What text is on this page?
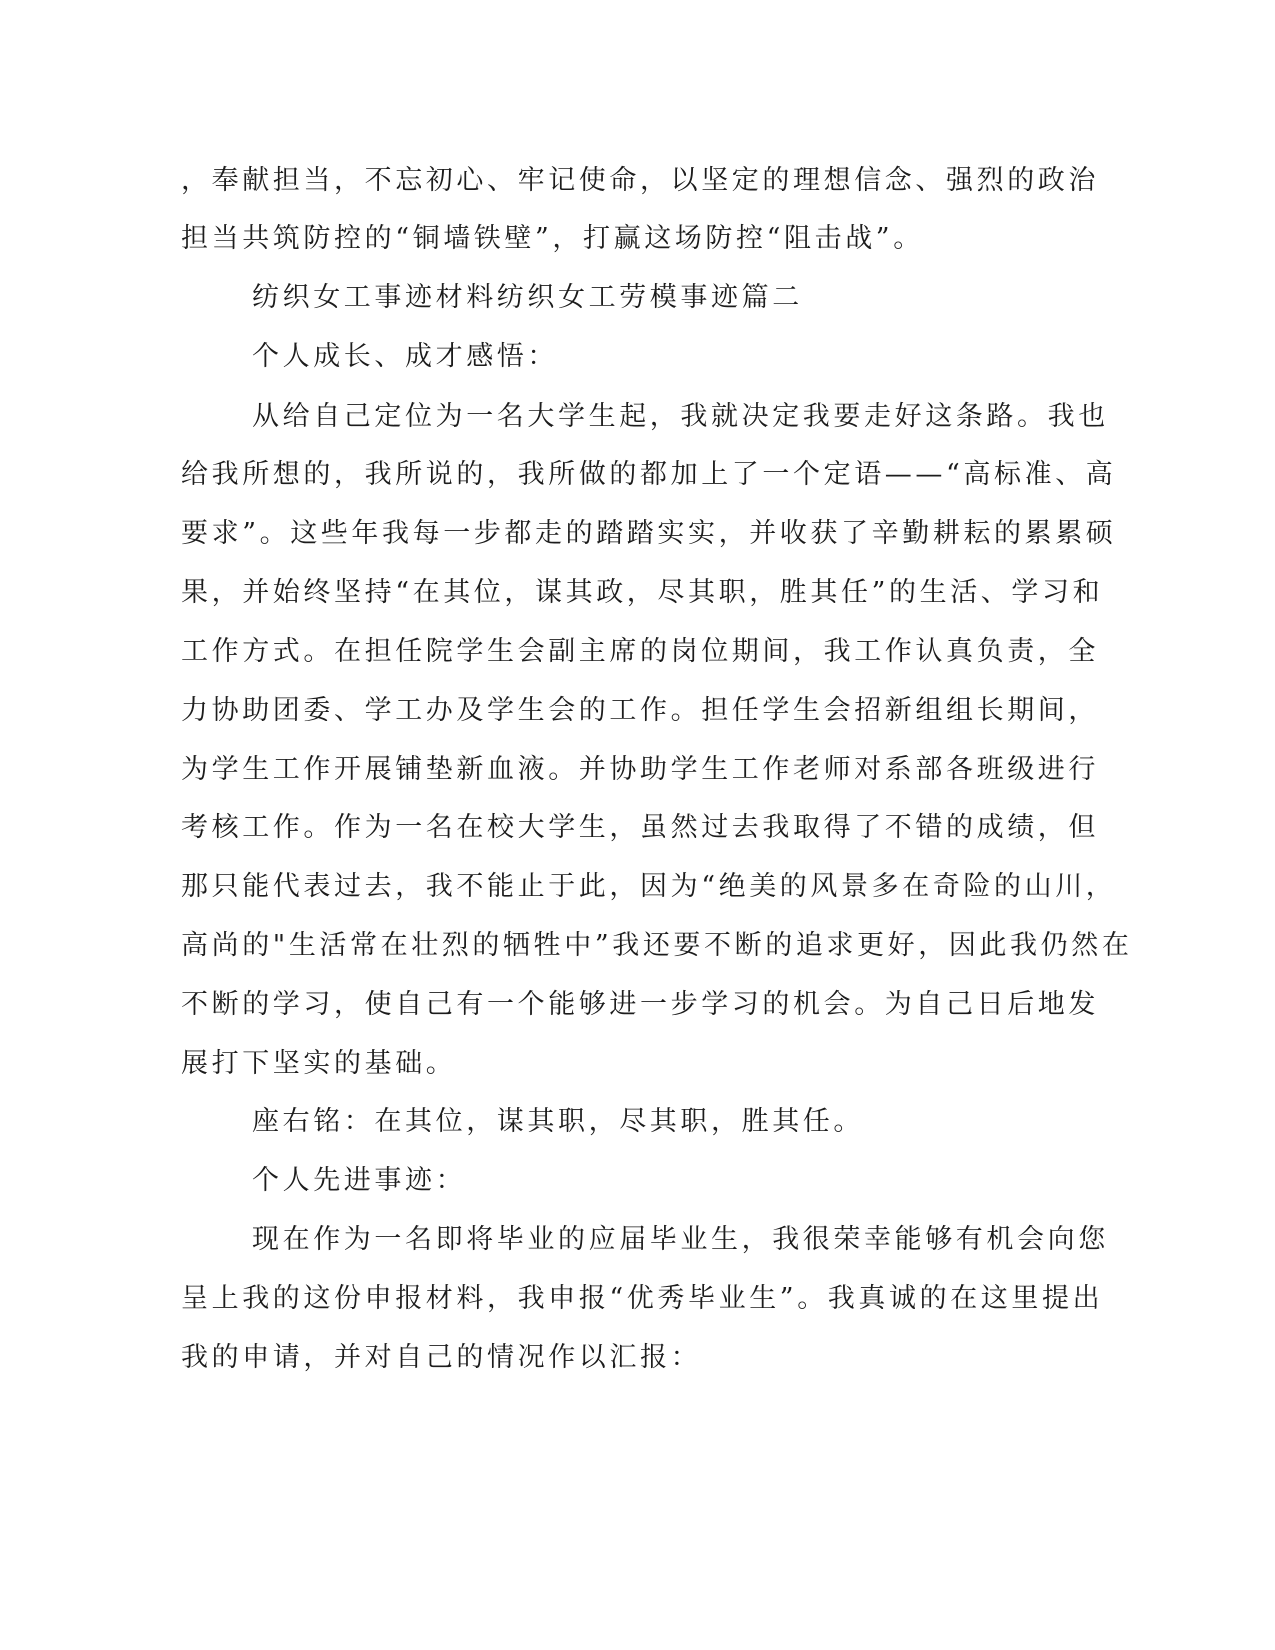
，奉献担当，不忘初心、牢记使命，以坚定的理想信念、强烈的政治

担当共筑防控的“铜墙铁壁”，打赢这场防控“阻击战”。

纺织女工事迹材料纺织女工劳模事迹篇二

个人成长、成才感悟：

从给自己定位为一名大学生起，我就决定我要走好这条路。我也

给我所想的，我所说的，我所做的都加上了一个定语——“高标准、高

要求”。这些年我每一步都走的踏踏实实，并收获了辛勤耕耘的累累硕

果，并始终坚持“在其位，谋其政，尽其职，胜其任”的生活、学习和

工作方式。在担任院学生会副主席的岗位期间，我工作认真负责，全

力协助团委、学工办及学生会的工作。担任学生会招新组组长期间，

为学生工作开展铺垫新血液。并协助学生工作老师对系部各班级进行

考核工作。作为一名在校大学生，虽然过去我取得了不错的成绩，但

那只能代表过去，我不能止于此，因为“绝美的风景多在奇险的山川，

高尚的"生活常在壮烈的牺牲中”我还要不断的追求更好，因此我仍然在

不断的学习，使自己有一个能够进一步学习的机会。为自己日后地发

展打下坚实的基础。

座右铭：在其位，谋其职，尽其职，胜其任。

个人先进事迹：

现在作为一名即将毕业的应届毕业生，我很荣幸能够有机会向您

呈上我的这份申报材料，我申报“优秀毕业生”。我真诚的在这里提出

我的申请，并对自己的情况作以汇报：
